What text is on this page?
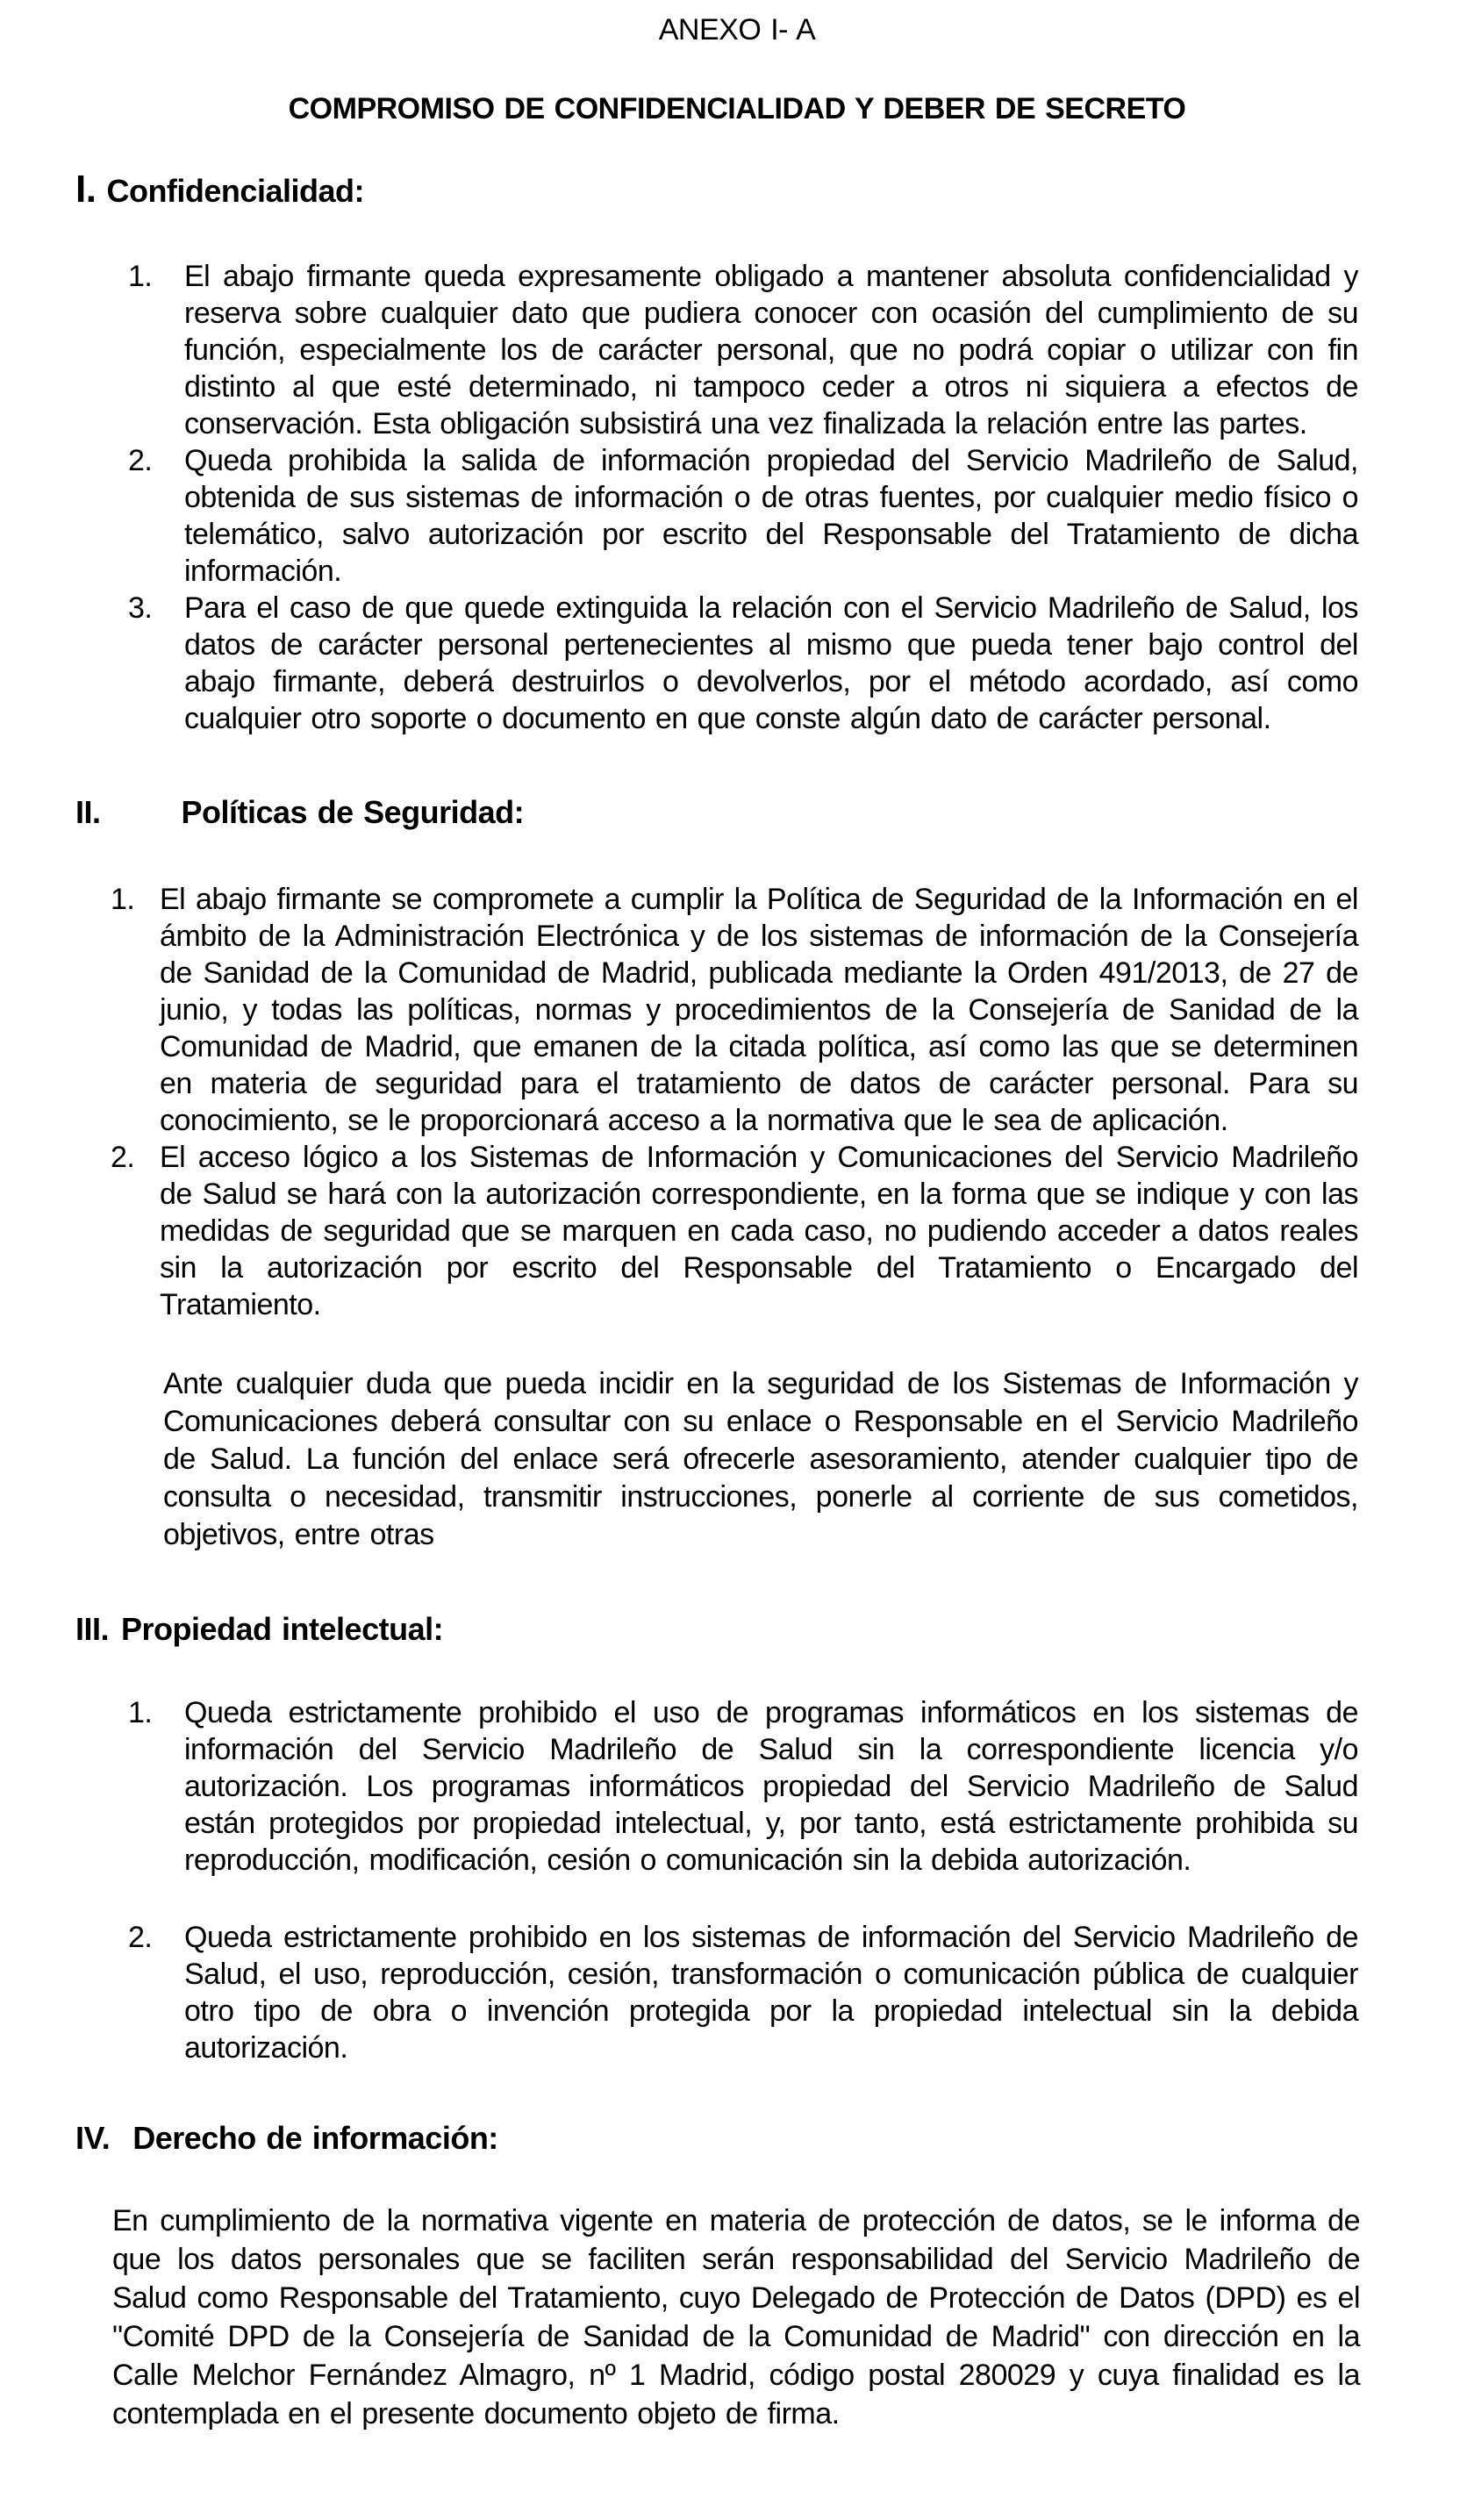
ANEXO I- A
COMPROMISO DE CONFIDENCIALIDAD Y DEBER DE SECRETO
I. Confidencialidad:
1.	El abajo firmante queda expresamente obligado a mantener absoluta confidencialidad y reserva sobre cualquier dato que pudiera conocer con ocasión del cumplimiento de su función, especialmente los de carácter personal, que no podrá copiar o utilizar con fin distinto al que esté determinado, ni tampoco ceder a otros ni siquiera a efectos de conservación. Esta obligación subsistirá una vez finalizada la relación entre las partes.
2.	Queda prohibida la salida de información propiedad del Servicio Madrileño de Salud, obtenida de sus sistemas de información o de otras fuentes, por cualquier medio físico o telemático, salvo autorización por escrito del Responsable del Tratamiento de dicha información.
3.	Para el caso de que quede extinguida la relación con el Servicio Madrileño de Salud, los datos de carácter personal pertenecientes al mismo que pueda tener bajo control del abajo firmante, deberá destruirlos o devolverlos, por el método acordado, así como cualquier otro soporte o documento en que conste algún dato de carácter personal.
II.	Políticas de Seguridad:
1. El abajo firmante se compromete a cumplir la Política de Seguridad de la Información en el ámbito de la Administración Electrónica y de los sistemas de información de la Consejería de Sanidad de la Comunidad de Madrid, publicada mediante la Orden 491/2013, de 27 de junio, y todas las políticas, normas y procedimientos de la Consejería de Sanidad de la Comunidad de Madrid, que emanen de la citada política, así como las que se determinen en materia de seguridad para el tratamiento de datos de carácter personal. Para su conocimiento, se le proporcionará acceso a la normativa que le sea de aplicación.
2. El acceso lógico a los Sistemas de Información y Comunicaciones del Servicio Madrileño de Salud se hará con la autorización correspondiente, en la forma que se indique y con las medidas de seguridad que se marquen en cada caso, no pudiendo acceder a datos reales sin la autorización por escrito del Responsable del Tratamiento o Encargado del Tratamiento.
Ante cualquier duda que pueda incidir en la seguridad de los Sistemas de Información y Comunicaciones deberá consultar con su enlace o Responsable en el Servicio Madrileño de Salud. La función del enlace será ofrecerle asesoramiento, atender cualquier tipo de consulta o necesidad, transmitir instrucciones, ponerle al corriente de sus cometidos, objetivos, entre otras
III. Propiedad intelectual:
1.	Queda estrictamente prohibido el uso de programas informáticos en los sistemas de información del Servicio Madrileño de Salud sin la correspondiente licencia y/o autorización. Los programas informáticos propiedad del Servicio Madrileño de Salud están protegidos por propiedad intelectual, y, por tanto, está estrictamente prohibida su reproducción, modificación, cesión o comunicación sin la debida autorización.
2.	Queda estrictamente prohibido en los sistemas de información del Servicio Madrileño de Salud, el uso, reproducción, cesión, transformación o comunicación pública de cualquier otro tipo de obra o invención protegida por la propiedad intelectual sin la debida autorización.
IV. Derecho de información:
En cumplimiento de la normativa vigente en materia de protección de datos, se le informa de que los datos personales que se faciliten serán responsabilidad del Servicio Madrileño de Salud como Responsable del Tratamiento, cuyo Delegado de Protección de Datos (DPD) es el "Comité DPD de la Consejería de Sanidad de la Comunidad de Madrid" con dirección en la Calle Melchor Fernández Almagro, nº 1 Madrid, código postal 280029 y cuya finalidad es la contemplada en el presente documento objeto de firma.
